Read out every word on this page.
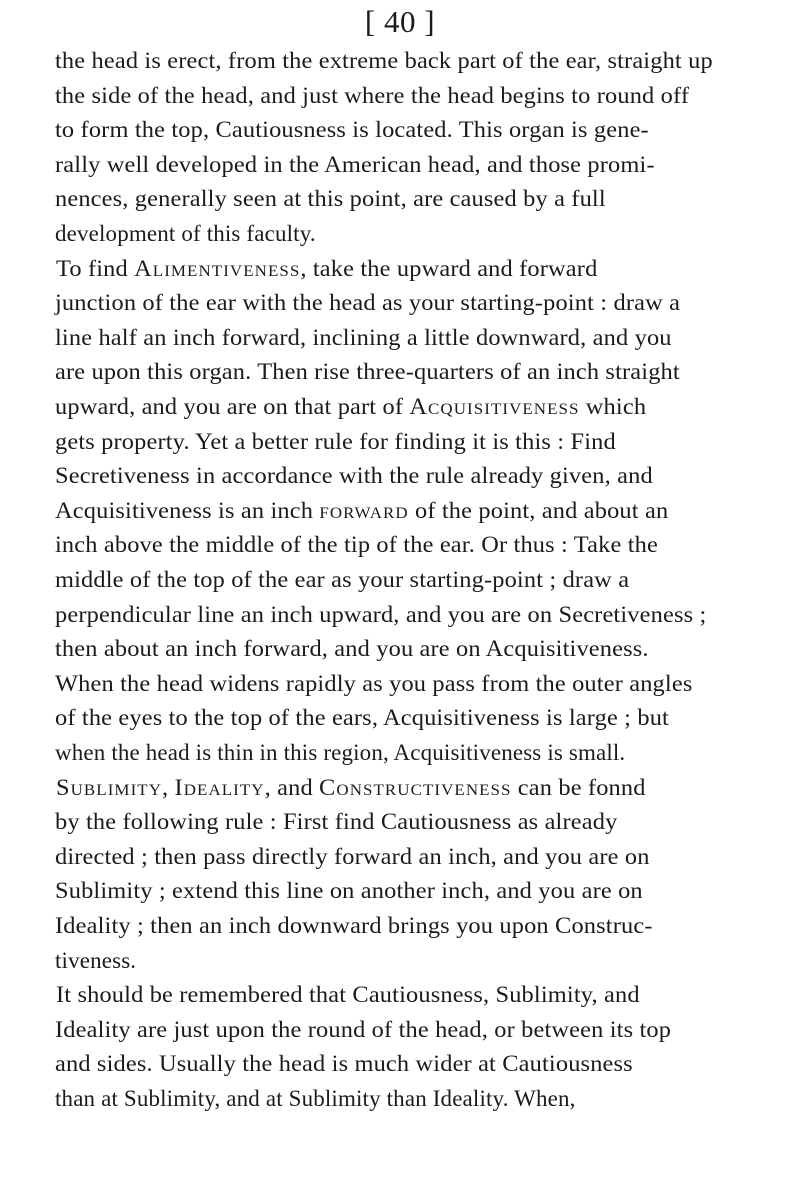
[ 40 ]
the head is erect, from the extreme back part of the ear, straight up
the side of the head, and just where the head begins to round off
to form the top, Cautiousness is located. This organ is gene-
rally well developed in the American head, and those promi-
nences, generally seen at this point, are caused by a full
development of this faculty.
To find Alimentiveness, take the upward and forward
junction of the ear with the head as your starting-point : draw a
line half an inch forward, inclining a little downward, and you
are upon this organ. Then rise three-quarters of an inch straight
upward, and you are on that part of Acquisitiveness which
gets property. Yet a better rule for finding it is this : Find
Secretiveness in accordance with the rule already given, and
Acquisitiveness is an inch forward of the point, and about an
inch above the middle of the tip of the ear. Or thus : Take the
middle of the top of the ear as your starting-point ; draw a
perpendicular line an inch upward, and you are on Secretiveness ;
then about an inch forward, and you are on Acquisitiveness.
When the head widens rapidly as you pass from the outer angles
of the eyes to the top of the ears, Acquisitiveness is large ; but
when the head is thin in this region, Acquisitiveness is small.
Sublimity, Ideality, and Constructiveness can be fonnd
by the following rule : First find Cautiousness as already
directed ; then pass directly forward an inch, and you are on
Sublimity ; extend this line on another inch, and you are on
Ideality ; then an inch downward brings you upon Construc-
tiveness.
It should be remembered that Cautiousness, Sublimity, and
Ideality are just upon the round of the head, or between its top
and sides. Usually the head is much wider at Cautiousness
than at Sublimity, and at Sublimity than Ideality. When,
